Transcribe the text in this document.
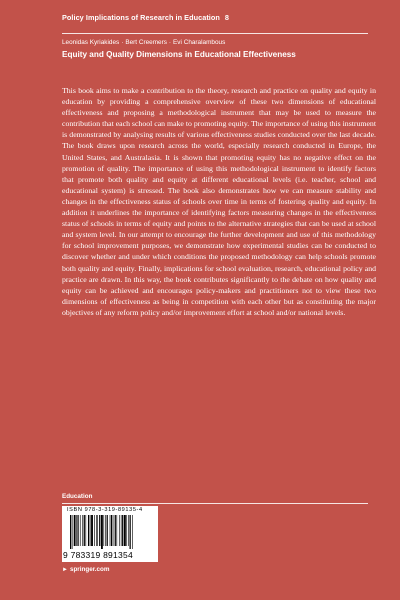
Policy Implications of Research in Education 8
Leonidas Kyriakides · Bert Creemers · Evi Charalambous
Equity and Quality Dimensions in Educational Effectiveness
This book aims to make a contribution to the theory, research and practice on quality and equity in education by providing a comprehensive overview of these two dimensions of educational effectiveness and proposing a methodological instrument that may be used to measure the contribution that each school can make to promoting equity. The importance of using this instrument is demonstrated by analysing results of various effectiveness studies conducted over the last decade. The book draws upon research across the world, especially research conducted in Europe, the United States, and Australasia. It is shown that promoting equity has no negative effect on the promotion of quality. The importance of using this methodological instrument to identify factors that promote both quality and equity at different educational levels (i.e. teacher, school and educational system) is stressed. The book also demonstrates how we can measure stability and changes in the effectiveness status of schools over time in terms of fostering quality and equity. In addition it underlines the importance of identifying factors measuring changes in the effectiveness status of schools in terms of equity and points to the alternative strategies that can be used at school and system level. In our attempt to encourage the further development and use of this methodology for school improvement purposes, we demonstrate how experimental studies can be conducted to discover whether and under which conditions the proposed methodology can help schools promote both quality and equity. Finally, implications for school evaluation, research, educational policy and practice are drawn. In this way, the book contributes significantly to the debate on how quality and equity can be achieved and encourages policy-makers and practitioners not to view these two dimensions of effectiveness as being in competition with each other but as constituting the major objectives of any reform policy and/or improvement effort at school and/or national levels.
Education
ISBN 978-3-319-89135-4
9 783319 891354
► springer.com
